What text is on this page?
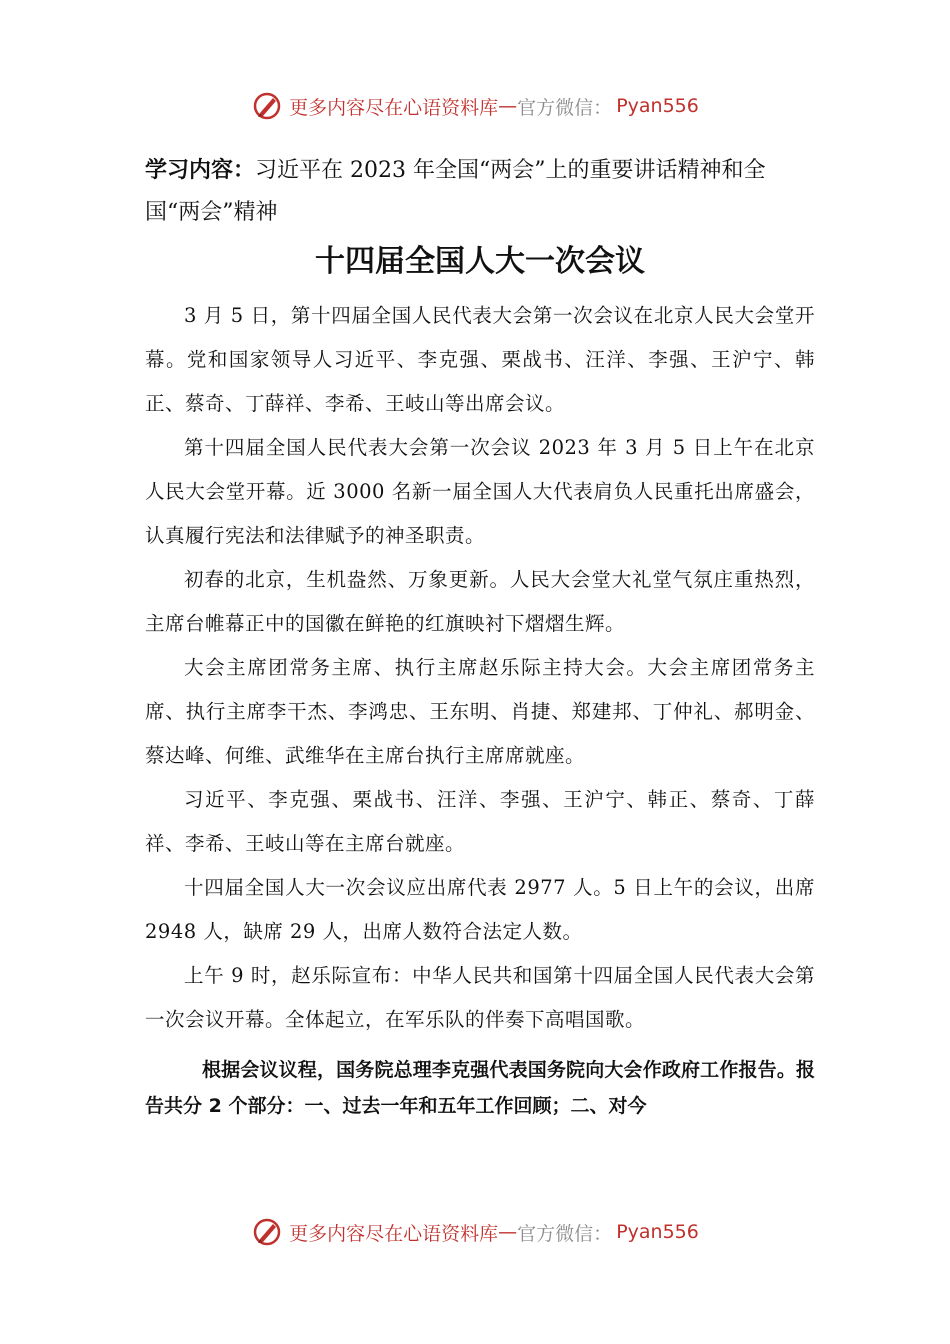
更多内容尽在心语资料库 — 官方微信： Pyan556

学习内容：习近平在 2023 年全国“两会”上的重要讲话精神和全国“两会”精神

十四届全国人大一次会议

3 月 5 日，第十四届全国人民代表大会第一次会议在北京人民大会堂开幕。党和国家领导人习近平、李克强、栗战书、汪洋、李强、王沪宁、韩正、蔡奇、丁薛祥、李希、王岐山等出席会议。

第十四届全国人民代表大会第一次会议 2023 年 3 月 5 日上午在北京人民大会堂开幕。近 3000 名新一届全国人大代表肩负人民重托出席盛会，认真履行宪法和法律赋予的神圣职责。

初春的北京，生机盎然、万象更新。人民大会堂大礼堂气氛庄重热烈，主席台帷幕正中的国徽在鲜艳的红旗映衬下熠熠生辉。

大会主席团常务主席、执行主席赵乐际主持大会。大会主席团常务主席、执行主席李干杰、李鸿忠、王东明、肖捷、郑建邦、丁仲礼、郝明金、蔡达峰、何维、武维华在主席台执行主席席就座。

习近平、李克强、栗战书、汪洋、李强、王沪宁、韩正、蔡奇、丁薛祥、李希、王岐山等在主席台就座。

十四届全国人大一次会议应出席代表 2977 人。5 日上午的会议，出席 2948 人，缺席 29 人，出席人数符合法定人数。

上午 9 时，赵乐际宣布：中华人民共和国第十四届全国人民代表大会第一次会议开幕。全体起立，在军乐队的伴奏下高唱国歌。

根据会议议程，国务院总理李克强代表国务院向大会作政府工作报告。报告共分 2 个部分：一、过去一年和五年工作回顾；二、对今

更多内容尽在心语资料库 — 官方微信： Pyan556
